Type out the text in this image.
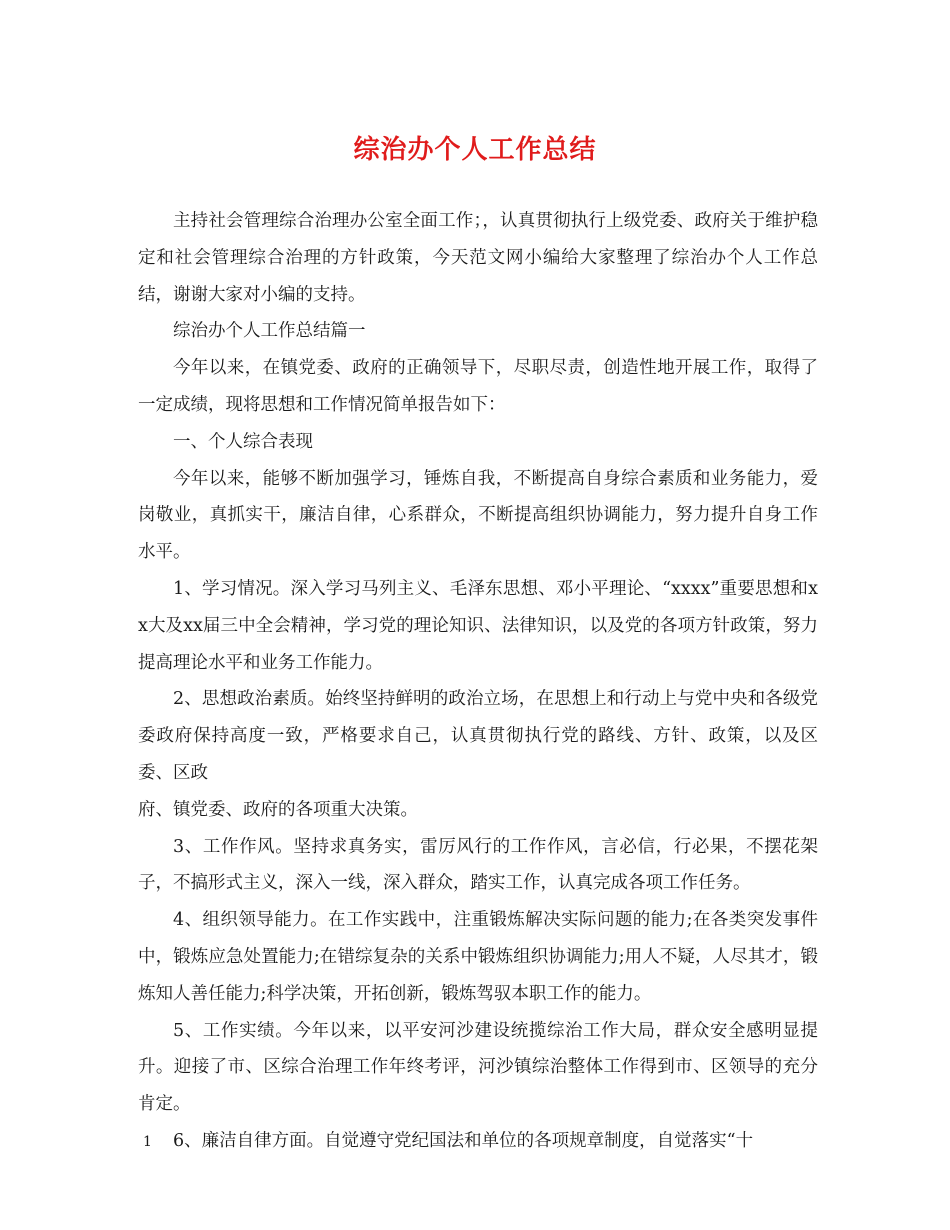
综治办个人工作总结

主持社会管理综合治理办公室全面工作；，认真贯彻执行上级党委、政府关于维护稳定和社会管理综合治理的方针政策，今天范文网小编给大家整理了综治办个人工作总结，谢谢大家对小编的支持。

综治办个人工作总结篇一

今年以来，在镇党委、政府的正确领导下，尽职尽责，创造性地开展工作，取得了一定成绩，现将思想和工作情况简单报告如下：

一、个人综合表现

今年以来，能够不断加强学习，锤炼自我，不断提高自身综合素质和业务能力，爱岗敬业，真抓实干，廉洁自律，心系群众，不断提高组织协调能力，努力提升自身工作水平。

1、学习情况。深入学习马列主义、毛泽东思想、邓小平理论、“xxxx”重要思想和xx大及xx届三中全会精神，学习党的理论知识、法律知识，以及党的各项方针政策，努力提高理论水平和业务工作能力。

2、思想政治素质。始终坚持鲜明的政治立场，在思想上和行动上与党中央和各级党委政府保持高度一致，严格要求自己，认真贯彻执行党的路线、方针、政策，以及区委、区政

府、镇党委、政府的各项重大决策。

3、工作作风。坚持求真务实，雷厉风行的工作作风，言必信，行必果，不摆花架子，不搞形式主义，深入一线，深入群众，踏实工作，认真完成各项工作任务。

4、组织领导能力。在工作实践中，注重锻炼解决实际问题的能力;在各类突发事件中，锻炼应急处置能力;在错综复杂的关系中锻炼组织协调能力;用人不疑，人尽其才，锻炼知人善任能力;科学决策，开拓创新，锻炼驾驭本职工作的能力。

5、工作实绩。今年以来，以平安河沙建设统揽综治工作大局，群众安全感明显提升。迎接了市、区综合治理工作年终考评，河沙镇综治整体工作得到市、区领导的充分肯定。

6、廉洁自律方面。自觉遵守党纪国法和单位的各项规章制度，自觉落实“十

1
